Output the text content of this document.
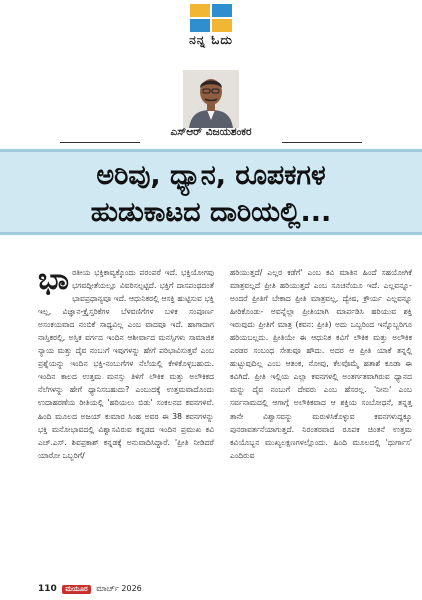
ನನ್ನ ಓದು
ಎಸ್ಆರ್ ವಿಜಯಶಂಕರ
ಅರಿವು, ಧ್ಯಾನ, ರೂಪಕಗಳ
ಹುಡುಕಾಟದ ದಾರಿಯಲ್ಲಿ...
ಭಾರತೀಯ ಭಕ್ತಿಕಾವ್ಯಕ್ಕೊಂದು ಪರಂಪರೆ ಇದೆ. ಭಕ್ತಿಯೋಗವು ಭಗವದ್ಗೀತೆಯಲ್ಲೂ ವಿವರಿಸಲ್ಪಟ್ಟಿದೆ. ಭಕ್ತಿಗೆ ದಾಸಪಂಥದಂತೆ ಭಾವಪ್ರಧಾನ್ಯವೂ ಇದೆ. ಆಧುನಿಕರಲ್ಲಿ ಆಸಕ್ತಿ ಹುಟ್ಟಿಸುವ ಭಕ್ತಿ ಇಲ್ಲ, ವಿಜ್ಞಾನ-ಕ್ರೈಸ್ತರಿಕೆಗಳ ಬೆಳವಣಿಗೆಗಳ ಬಳಿಕ ಸಂಪೂರ್ಣ ಅಸಂಕಯವಾದ ನಂಬಿಕೆ ಸಾಧ್ಯವಿಲ್ಲ ಎಂಬ ವಾದವೂ ಇದೆ. ಹಾಗಾದಾಗ ನಾಸ್ತಿಕರಲ್ಲಿ, ಅಸ್ತಿಕ ವರ್ಗದ ಇಂದಿನ ಆಶೀರ್ವಾದ ಮನಸ್ಸಿಗಳು ಸಾಮಾಜಿಕ ನ್ಯಾಯ ಮತ್ತು ದೈವ ನಂಬುಗೆ ಇವುಗಳನ್ನು ಹೇಗೆ ಪರಿಭಾವಿಸುತ್ತವೆ ಎಂಬ ಪ್ರಶ್ನೆಯನ್ನು ಇಂದಿನ ಭಕ್ತಿ-ನಂಬುಗೆಗಳ ನೆಲೆಯಲ್ಲಿ ಕೇಳಿಕೊಳ್ಳಬಹುದು. ಇಂದಿನ ಕಾಲದ ಉತ್ತಮ ಮನಸ್ಸು ತಿಳಿಗೆ ಲೌಕಿಕ ಮತ್ತು ಅಲೌಕಿಕದ ನೆಲೆಗಳನ್ನು ಹೇಗೆ ಧ್ಯಾನಿಸಬಹುದು? ಎಂಬುದಕ್ಕೆ ಉತ್ತಮವಾದೊಂದು ಉದಾಹರಣೆಯ ರೀತಿಯಲ್ಲಿ 'ಹರಿಯಲು ಬಿಡು' ಸಂಕಲನದ ಕವನಗಳಿವೆ. ಹಿಂದಿ ಮೂಲದ ಅಜಯ್ ಕುಮಾರ ಸಿಂಹ ಅವರ ಈ 38 ಕವನಗಳನ್ನು ಭಕ್ತಿ ಮನೋಭಾವದಲ್ಲಿ ವಿಶ್ವಾಸವಿರುವ ಕನ್ನಡದ ಇಂದಿನ ಪ್ರಮುಖ ಕವಿ ಎಚ್.ಎಸ್. ಶಿವಪ್ರಕಾಶ್ ಕನ್ನಡಕ್ಕೆ ಅನುವಾದಿಸಿದ್ದಾರೆ. 'ಪ್ರೀತಿ ನೀಡಿದರೆ ಯಾರೋ ಒಬ್ಬರಿಗೆ/
ಹರಿಯುತ್ತದೆ/ ಎಲ್ಲರ ಕಡೆಗೆ' ಎಂಬ ಕವಿ ಮಾತಿನ ಹಿಂದೆ ಸಹಯೋಗಿಕೆ ಮಾತ್ರವಲ್ಲದೆ ಪ್ರೀತಿ ಹರಿಯುತ್ತದೆ ಎಂಬ ಸೂಚನೆಯೂ ಇದೆ. ಎಲ್ಲವನ್ನೂ- ಅಂದರೆ ಪ್ರೀತಿಗೆ ಬೇಕಾದ ಪ್ರೀತಿ ಮಾತ್ರವಲ್ಲ, ದ್ವೇಷ, ಕ್ರೌರ್ಯ ಎಲ್ಲವನ್ನೂ ಹೀರಿಕೊಂಡು- ಅವನ್ನೆಲ್ಲಾ ಪ್ರೀತಿಯಾಗಿ ಮಾರ್ಪಡಿಸಿ ಹರಿಯುವ ಶಕ್ತಿ ಇರುವುದು ಪ್ರೀತಿಗೆ ಮಾತ್ರ (ಕವನ: ಪ್ರೀತಿ) ಅದು ಒಬ್ಬರಿಂದ ಇನ್ನೊಬ್ಬರಿಗೂ ಹರಿಯಬಲ್ಲದು. ಪ್ರೀತಿಯೇ ಈ ಆಧುನಿಕ ಕವಿಗೆ ಲೌಕಿಕ ಮತ್ತು ಅಲೌಕಿಕ ಎರಡರ ಸಂಬಂಧ ಸೇತುವೂ ಹೌದು. ಅದರ ಆ ಪ್ರೀತಿ ಯಾಕೆ ತನ್ನಲ್ಲಿ ಹುಟ್ಟುವುದಿಲ್ಲ ಎಂಬ ಆತಂಕ, ನೋವು, ಕೆಲವೊಮ್ಮೆ ಹತಾಶೆ ಕೂಡಾ ಈ ಕವಿಗಿದೆ. ಪ್ರೀತಿ ಇಲ್ಲಿಯ ಎಲ್ಲಾ ಕವನಗಳಲ್ಲಿ ಅಂತರ್ಗತವಾಗಿರುವ ಧ್ಯಾನದ ಮನ್ನು ದೈವ ನಂಬುಗೆ ದೇವರು ಎಂಬ ಹೆಸರಲ್ಲ. 'ನೀನು' ಎಂಬ ಸರ್ವನಾಮದಲ್ಲಿ ಆಗಾಗ್ಗೆ ಅಲೌಕಿಕವಾದ ಆ ಶಕ್ತಿಯ ಸಂಬೋಧನೆ, ತನ್ನತ್ತ ತಾನೇ ವಿಶ್ವಾಸವನ್ನು ಮರುಳಿಸಿಕೊಳ್ಳುವ ಕವನಗಳುದ್ದಕ್ಕೂ ಪುನರಾವರ್ತನೆಯಾಗುತ್ತದೆ. ನಿರಂತರವಾದ ರೂಪಕ ಚಿಂತನೆ ಉತ್ತಮ ಕವಿಯೊಬ್ಬನ ಮುಖ್ಯಲಕ್ಷಣಗಳಲ್ಲೊಂದು. ಹಿಂದಿ ಮೂಲದಲ್ಲಿ 'ಧುರ್ಗಾಸ' ಎಂದಿರುವ
110 ಮಯೂರ ಮಾರ್ಚ್ 2026
